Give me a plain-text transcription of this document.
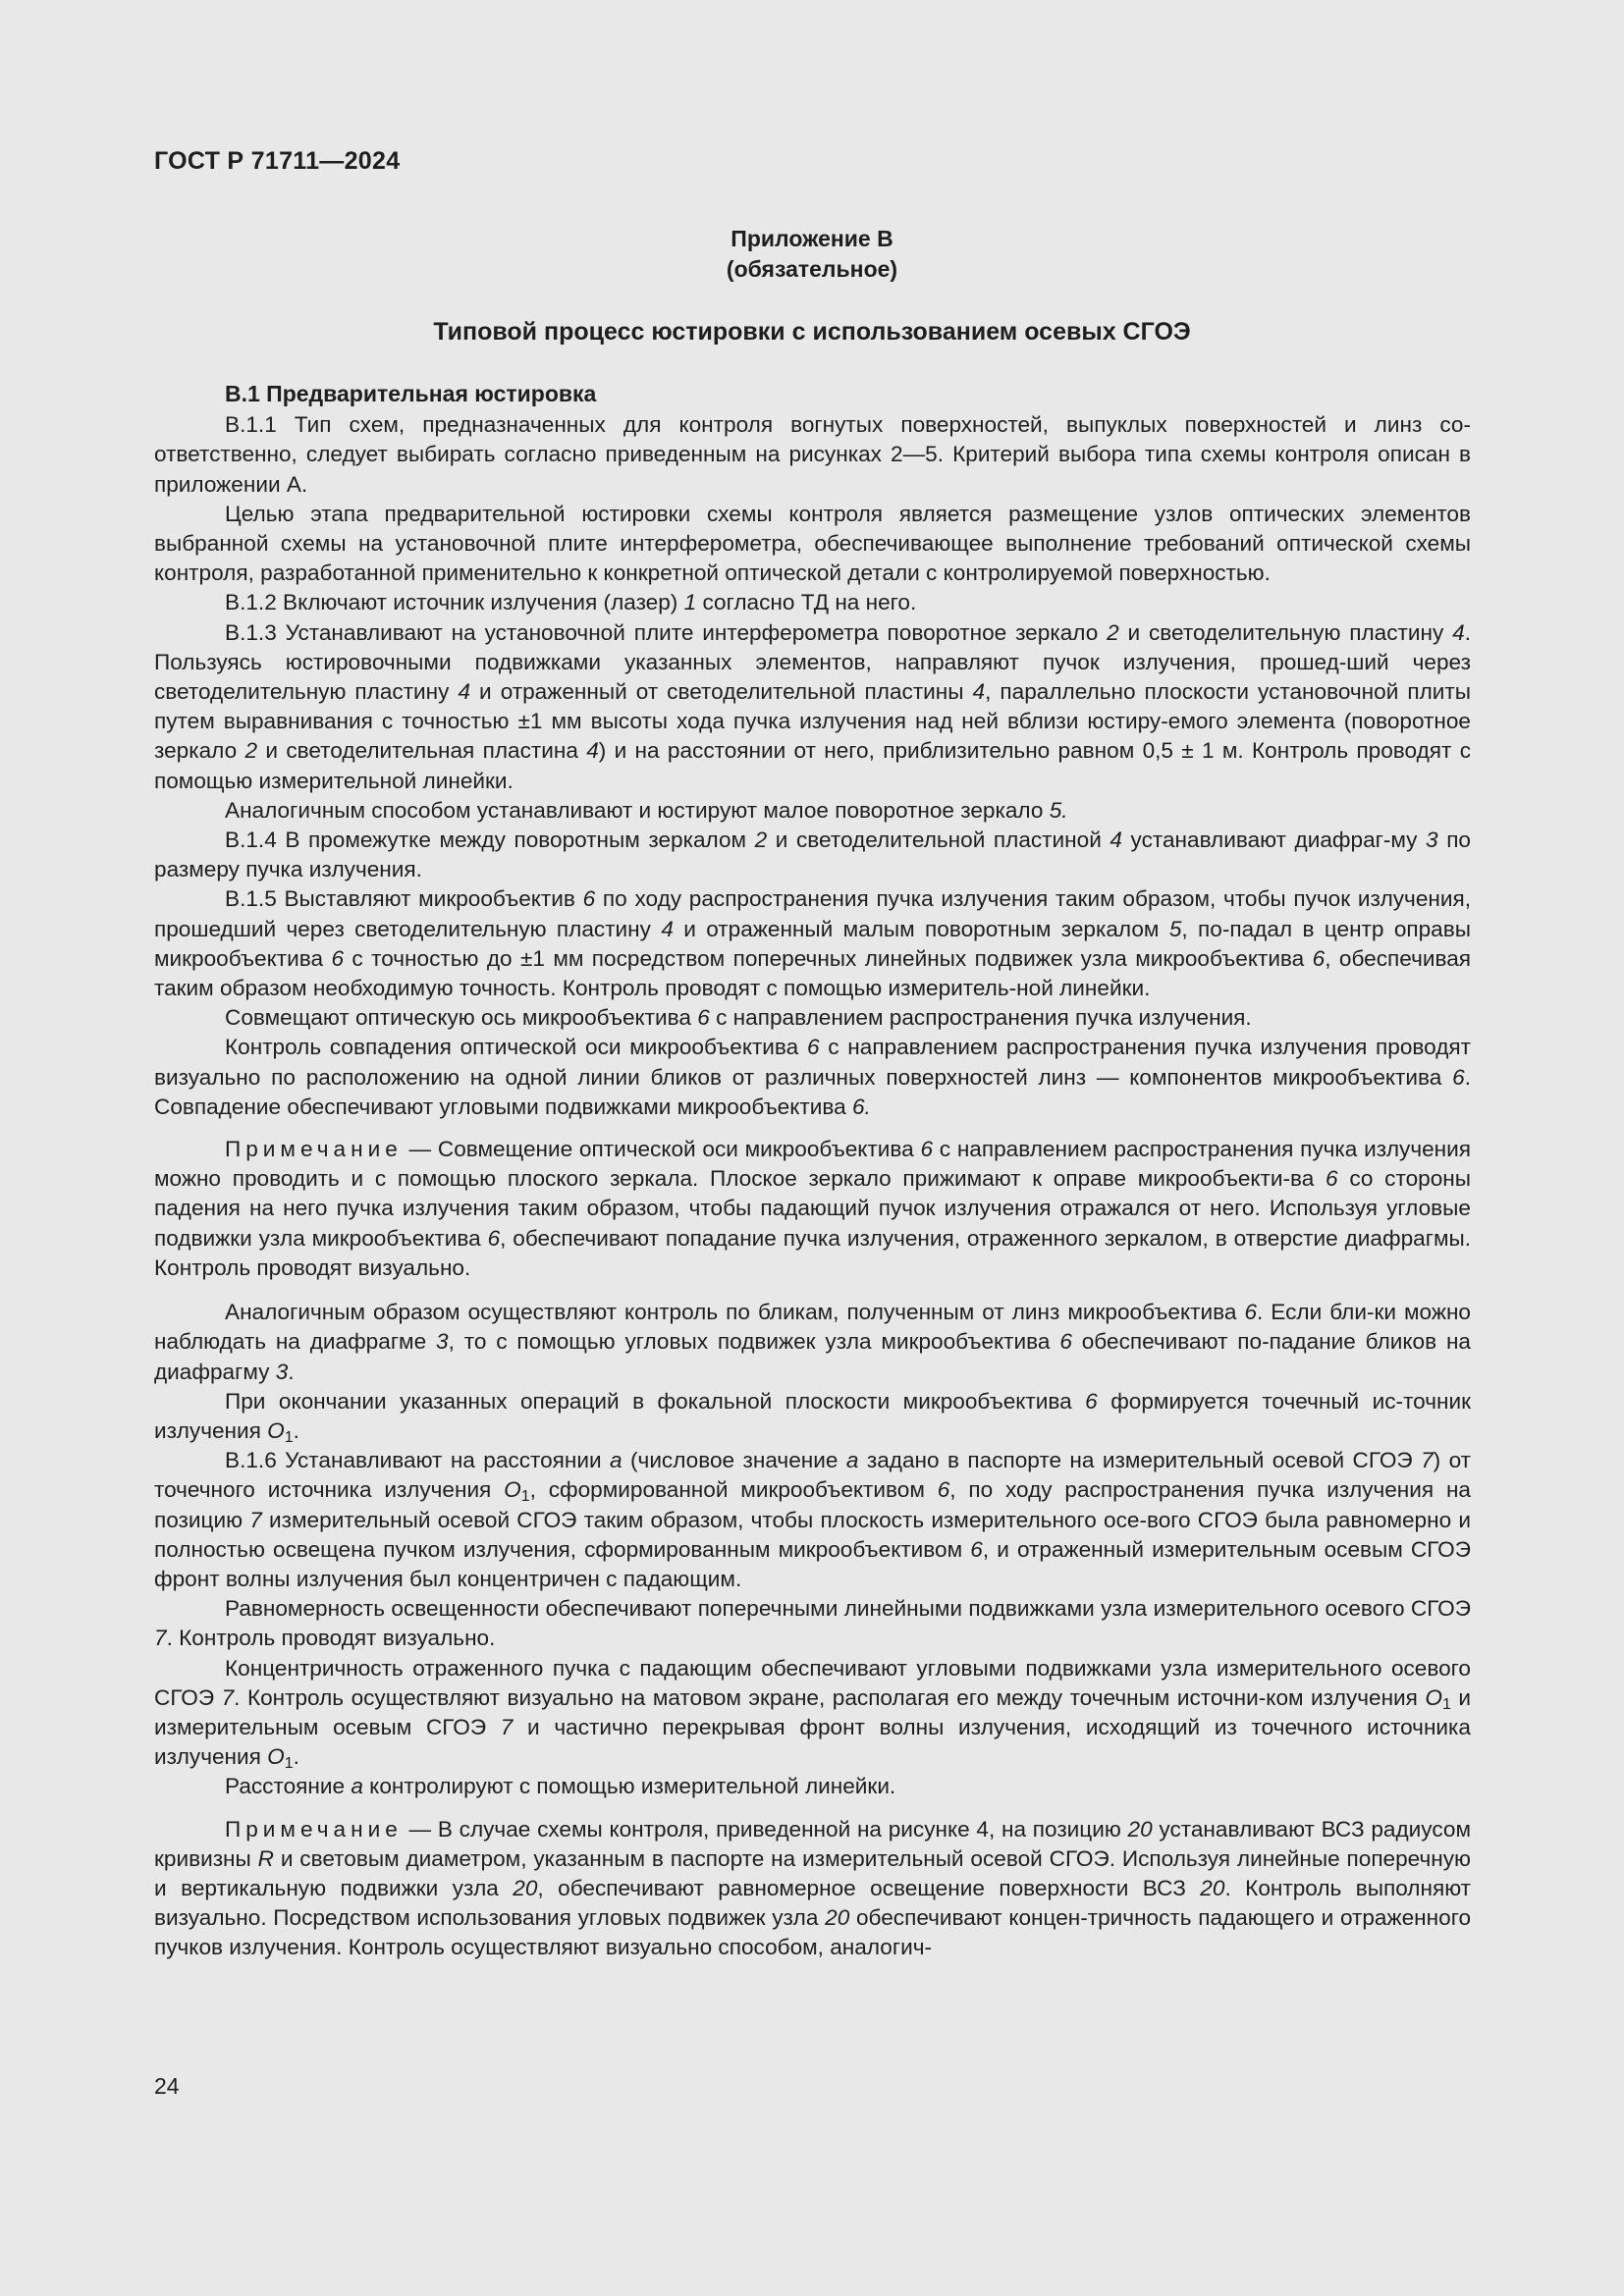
ГОСТ Р 71711—2024
Приложение В
(обязательное)
Типовой процесс юстировки с использованием осевых СГОЭ
В.1 Предварительная юстировка

В.1.1 Тип схем, предназначенных для контроля вогнутых поверхностей, выпуклых поверхностей и линз со-ответственно, следует выбирать согласно приведенным на рисунках 2—5. Критерий выбора типа схемы контроля описан в приложении А.

Целью этапа предварительной юстировки схемы контроля является размещение узлов оптических элементов выбранной схемы на установочной плите интерферометра, обеспечивающее выполнение требований оптической схемы контроля, разработанной применительно к конкретной оптической детали с контролируемой поверхностью.

В.1.2 Включают источник излучения (лазер) 1 согласно ТД на него.

В.1.3 Устанавливают на установочной плите интерферометра поворотное зеркало 2 и светоделительную пластину 4. Пользуясь юстировочными подвижками указанных элементов, направляют пучок излучения, прошед-ший через светоделительную пластину 4 и отраженный от светоделительной пластины 4, параллельно плоскости установочной плиты путем выравнивания с точностью ±1 мм высоты хода пучка излучения над ней вблизи юстиру-емого элемента (поворотное зеркало 2 и светоделительная пластина 4) и на расстоянии от него, приблизительно равном 0,5 ± 1 м. Контроль проводят с помощью измерительной линейки.

Аналогичным способом устанавливают и юстируют малое поворотное зеркало 5.

В.1.4 В промежутке между поворотным зеркалом 2 и светоделительной пластиной 4 устанавливают диафраг-му 3 по размеру пучка излучения.

В.1.5 Выставляют микрообъектив 6 по ходу распространения пучка излучения таким образом, чтобы пучок излучения, прошедший через светоделительную пластину 4 и отраженный малым поворотным зеркалом 5, по-падал в центр оправы микрообъектива 6 с точностью до ±1 мм посредством поперечных линейных подвижек узла микрообъектива 6, обеспечивая таким образом необходимую точность. Контроль проводят с помощью измеритель-ной линейки.

Совмещают оптическую ось микрообъектива 6 с направлением распространения пучка излучения.

Контроль совпадения оптической оси микрообъектива 6 с направлением распространения пучка излучения проводят визуально по расположению на одной линии бликов от различных поверхностей линз — компонентов микрообъектива 6. Совпадение обеспечивают угловыми подвижками микрообъектива 6.

Примечание — Совмещение оптической оси микрообъектива 6 с направлением распространения пучка излучения можно проводить и с помощью плоского зеркала. Плоское зеркало прижимают к оправе микрообъекти-ва 6 со стороны падения на него пучка излучения таким образом, чтобы падающий пучок излучения отражался от него. Используя угловые подвижки узла микрообъектива 6, обеспечивают попадание пучка излучения, отраженного зеркалом, в отверстие диафрагмы. Контроль проводят визуально.

Аналогичным образом осуществляют контроль по бликам, полученным от линз микрообъектива 6. Если бли-ки можно наблюдать на диафрагме 3, то с помощью угловых подвижек узла микрообъектива 6 обеспечивают по-падание бликов на диафрагму 3.

При окончании указанных операций в фокальной плоскости микрообъектива 6 формируется точечный ис-точник излучения $O_1$.

В.1.6 Устанавливают на расстоянии a (числовое значение a задано в паспорте на измерительный осевой СГОЭ 7) от точечного источника излучения $O_1$, сформированной микрообъективом 6, по ходу распространения пучка излучения на позицию 7 измерительный осевой СГОЭ таким образом, чтобы плоскость измерительного осе-вого СГОЭ была равномерно и полностью освещена пучком излучения, сформированным микрообъективом 6, и отраженный измерительным осевым СГОЭ фронт волны излучения был концентричен с падающим.

Равномерность освещенности обеспечивают поперечными линейными подвижками узла измерительного осевого СГОЭ 7. Контроль проводят визуально.

Концентричность отраженного пучка с падающим обеспечивают угловыми подвижками узла измерительного осевого СГОЭ 7. Контроль осуществляют визуально на матовом экране, располагая его между точечным источни-ком излучения $O_1$ и измерительным осевым СГОЭ 7 и частично перекрывая фронт волны излучения, исходящий из точечного источника излучения $O_1$.

Расстояние a контролируют с помощью измерительной линейки.

Примечание — В случае схемы контроля, приведенной на рисунке 4, на позицию 20 устанавливают ВСЗ радиусом кривизны R и световым диаметром, указанным в паспорте на измерительный осевой СГОЭ. Используя линейные поперечную и вертикальную подвижки узла 20, обеспечивают равномерное освещение поверхности ВСЗ 20. Контроль выполняют визуально. Посредством использования угловых подвижек узла 20 обеспечивают концен-тричность падающего и отраженного пучков излучения. Контроль осуществляют визуально способом, аналогич-

24
